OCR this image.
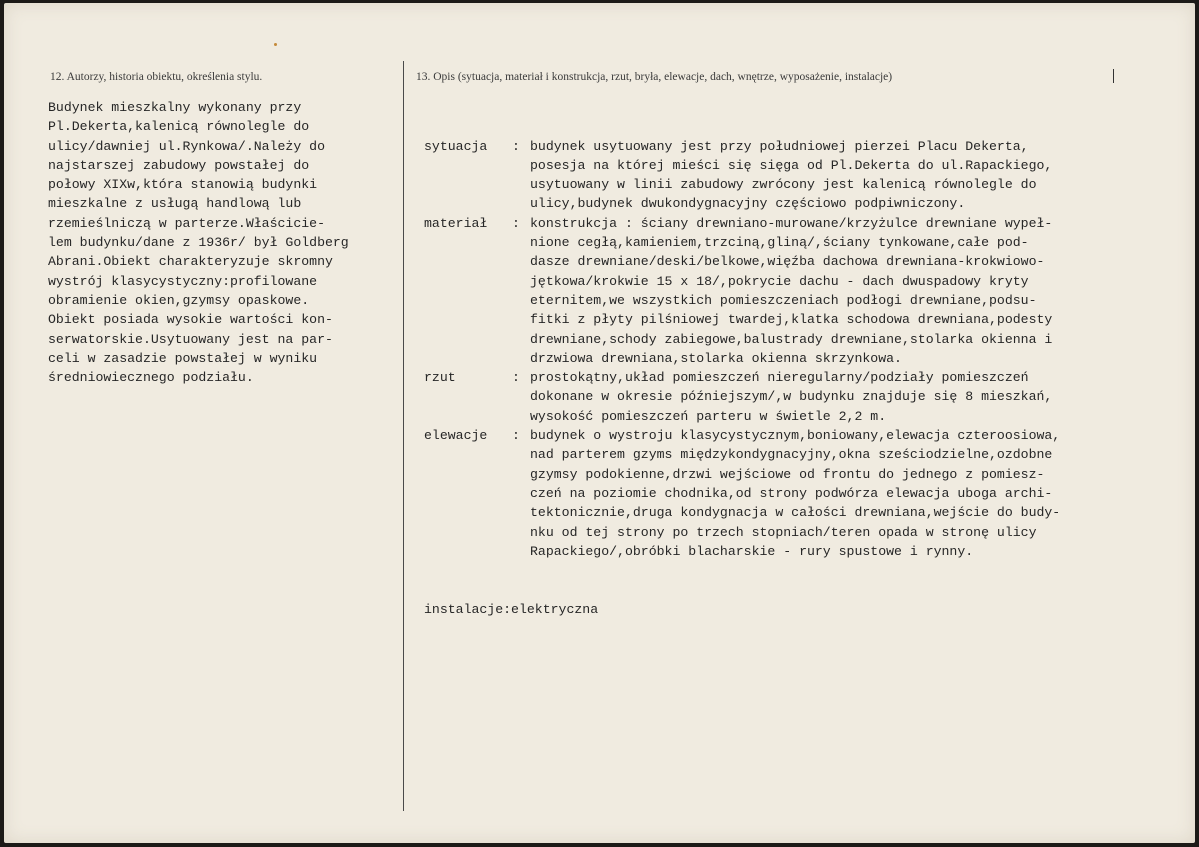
12. Autorzy, historia obiektu, określenia stylu.	13. Opis (sytuacja, materiał i konstrukcja, rzut, bryła, elewacje, dach, wnętrze, wyposażenie, instalacje)
Budynek mieszkalny wykonany przy
Pl.Dekerta,kalenicą równolegle do
ulicy/dawniej ul.Rynkowa/.Należy do
najstarszej zabudowy powstałej do
połowy XIXw,która stanowią budynki
mieszkalne z usługą handlową lub
rzemieślniczą w parterze.Właściciе-
lem budynku/dane z 1936r/ był Goldberg
Abrani.Obiekt charakteryzuje skromny
wystrój klasycystyczny:profilowane
obramienie okien,gzymsy opaskowe.
Obiekt posiada wysokie wartości kon-
serwatorskie.Usytuowany jest na par-
celi w zasadzie powstałej w wyniku
średniowiecznego podziału.

sytuacja : budynek usytuowany jest przy południowej pierzei Placu Dekerta,
posesja na której mieści się sięga od Pl.Dekerta do ul.Rapackiego,
usytuowany w linii zabudowy zwrócony jest kalenicą równolegle do
ulicy,budynek dwukondygnacyjny częściowo podpiwniczony.
materiał : konstrukcja : ściany drewniano-murowane/krzyżulce drewniane wypeł-
nione cegłą,kamieniem,trzciną,gliną/,ściany tynkowane,całe pod-
dasze drewniane/deski/belkowe,więźba dachowa drewniana-krokwiowo-
jętkowa/krokwie 15 x 18/,pokrycie dachu - dach dwuspadowy kryty
eternitem,we wszystkich pomieszczeniach podłogi drewniane,podsu-
fitki z płyty pilśniowej twardej,klatka schodowa drewniana,podesty
drewniane,schody zabiegowe,balustrady drewniane,stolarka okienna i
drzwiowa drewniana,stolarka okienna skrzynkowa.
rzut	: prostokątny,układ pomieszczeń nieregularny/podziały pomieszczeń
dokonane w okresie późniejszym/,w budynku znajduje się 8 mieszkań,
wysokość pomieszczeń parteru w świetle 2,2 m.
elewacje : budynek o wystroju klasycystycznym,boniowany,elewacja czteroosiowa,
nad parterem gzyms międzykondygnacyjny,okna sześciodzielne,ozdobne
gzymsy podokienne,drzwi wejściowe od frontu do jednego z pomiesz-
czeń na poziomie chodnika,od strony podwórza elewacja uboga archi-
tektonicznie,druga kondygnacja w całości drewniana,wejście do budy-
nku od tej strony po trzech stopniach/teren opada w stronę ulicy
Rapackiego/,obróbki blacharskie - rury spustowe i rynny.

instalacje:elektryczna
